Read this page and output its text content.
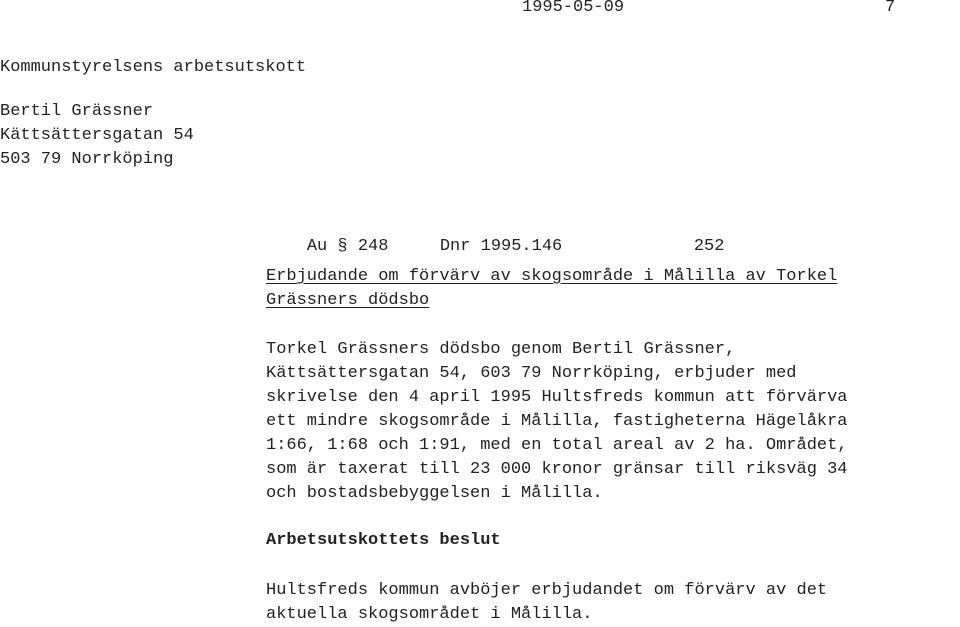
1995-05-09	7
Kommunstyrelsens arbetsutskott
Bertil Grässner
Kättsättersgatan 54
503 79 Norrköping

Au § 248	Dnr 1995.146	252

Erbjudande om förvärv av skogsområde i Målilla av Torkel
Grässners dödsbo
Torkel Grässners dödsbo genom Bertil Grässner,
Kättsättersgatan 54, 603 79 Norrköping, erbjuder med
skrivelse den 4 april 1995 Hultsfreds kommun att förvärva
ett mindre skogsområde i Målilla, fastigheterna Hägelåkra
1:66, 1:68 och 1:91, med en total areal av 2 ha. Området,
som är taxerat till 23 000 kronor gränsar till riksväg 34
och bostadsbebyggelsen i Målilla.
Arbetsutskottets beslut
Hultsfreds kommun avböjer erbjudandet om förvärv av det
aktuella skogsområdet i Målilla.
